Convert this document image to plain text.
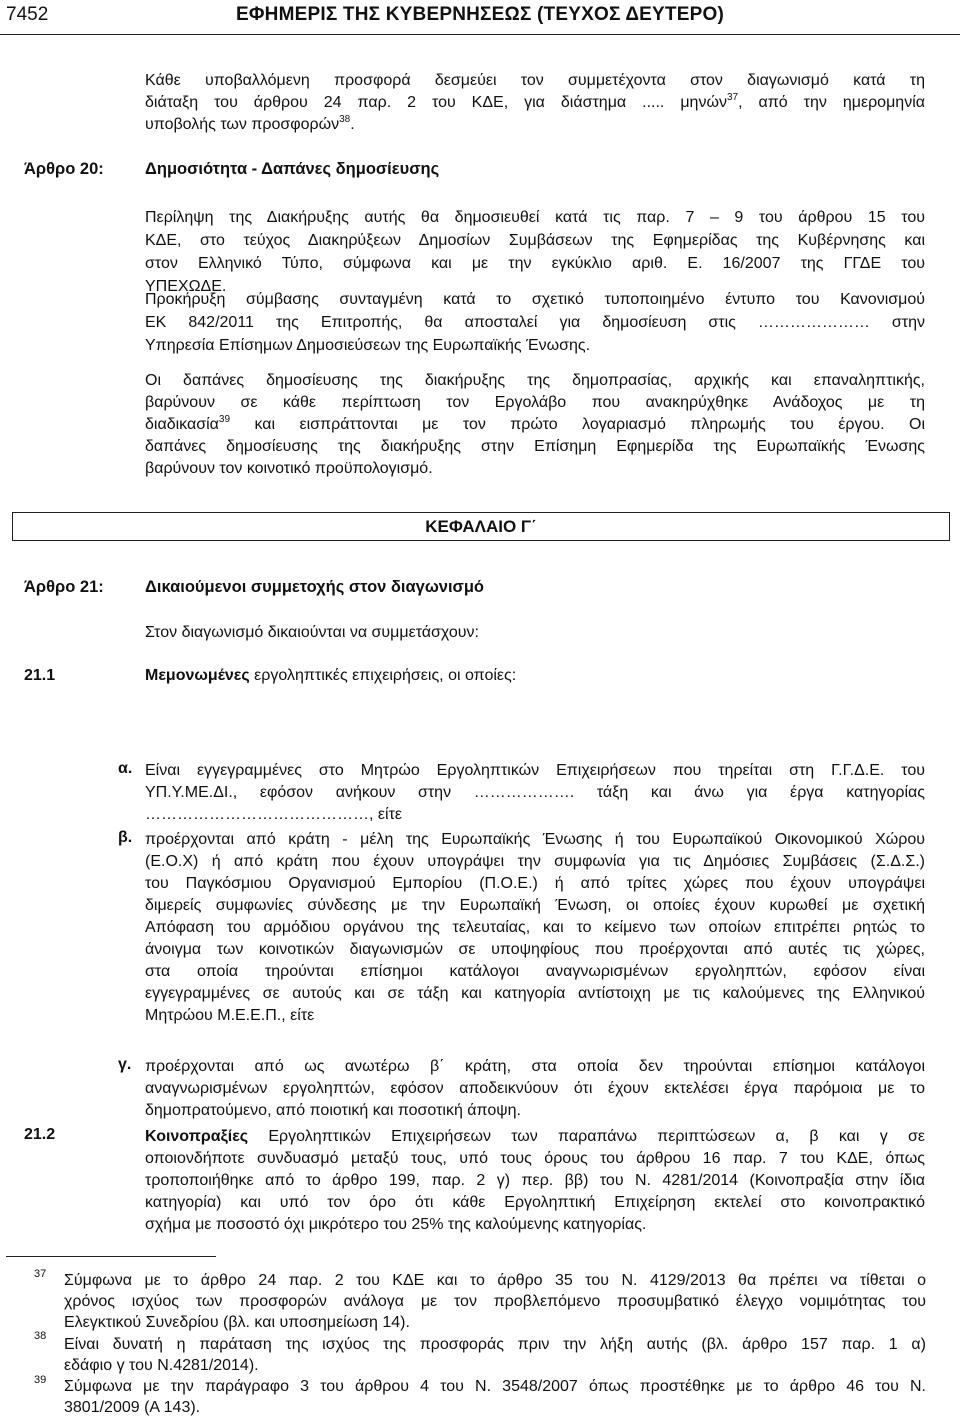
7452	ΕΦΗΜΕΡΙΣ ΤΗΣ ΚΥΒΕΡΝΗΣΕΩΣ (ΤΕΥΧΟΣ ΔΕΥΤΕΡΟ)
Κάθε υποβαλλόμενη προσφορά δεσμεύει τον συμμετέχοντα στον διαγωνισμό κατά τη
διάταξη του άρθρου 24 παρ. 2 του ΚΔΕ, για διάστημα ..... μηνών$^{37}$, από την ημερομηνία
υποβολής των προσφορών$^{38}$.
Άρθρο 20: Δημοσιότητα - Δαπάνες δημοσίευσης
Περίληψη της Διακήρυξης αυτής θα δημοσιευθεί κατά τις παρ. 7 – 9 του άρθρου 15 του
ΚΔΕ, στο τεύχος Διακηρύξεων Δημοσίων Συμβάσεων της Εφημερίδας της Κυβέρνησης και
στον Ελληνικό Τύπο, σύμφωνα και με την εγκύκλιο αριθ. Ε. 16/2007 της ΓΓΔΕ του
ΥΠΕΧΩΔΕ.
Προκήρυξη σύμβασης συνταγμένη κατά το σχετικό τυποποιημένο έντυπο του Κανονισμού
ΕΚ 842/2011 της Επιτροπής, θα αποσταλεί για δημοσίευση στις ………………… στην
Υπηρεσία Επίσημων Δημοσιεύσεων της Ευρωπαϊκής Ένωσης.
Οι δαπάνες δημοσίευσης της διακήρυξης της δημοπρασίας, αρχικής και επαναληπτικής,
βαρύνουν σε κάθε περίπτωση τον Εργολάβο που ανακηρύχθηκε Ανάδοχος με τη
διαδικασία$^{39}$ και εισπράττονται με τον πρώτο λογαριασμό πληρωμής του έργου. Οι
δαπάνες δημοσίευσης της διακήρυξης στην Επίσημη Εφημερίδα της Ευρωπαϊκής Ένωσης
βαρύνουν τον κοινοτικό προϋπολογισμό.
ΚΕΦΑΛΑΙΟ Γ΄
Άρθρο 21: Δικαιούμενοι συμμετοχής στον διαγωνισμό
Στον διαγωνισμό δικαιούνται να συμμετάσχουν:
21.1	Μεμονωμένες εργοληπτικές επιχειρήσεις, οι οποίες:
α. Είναι εγγεγραμμένες στο Μητρώο Εργοληπτικών Επιχειρήσεων που τηρείται στη Γ.Γ.Δ.Ε. του
ΥΠ.Υ.ΜΕ.ΔΙ., εφόσον ανήκουν στην ………………. τάξη και άνω για έργα κατηγορίας
……………………………………, είτε
β. προέρχονται από κράτη - μέλη της Ευρωπαϊκής Ένωσης ή του Ευρωπαϊκού Οικονομικού Χώρου
(Ε.Ο.Χ) ή από κράτη που έχουν υπογράψει την συμφωνία για τις Δημόσιες Συμβάσεις (Σ.Δ.Σ.)
του Παγκόσμιου Οργανισμού Εμπορίου (Π.Ο.Ε.) ή από τρίτες χώρες που έχουν υπογράψει
διμερείς συμφωνίες σύνδεσης με την Ευρωπαϊκή Ένωση, οι οποίες έχουν κυρωθεί με σχετική
Απόφαση του αρμόδιου οργάνου της τελευταίας, και το κείμενο των οποίων επιτρέπει ρητώς το
άνοιγμα των κοινοτικών διαγωνισμών σε υποψηφίους που προέρχονται από αυτές τις χώρες,
στα οποία τηρούνται επίσημοι κατάλογοι αναγνωρισμένων εργοληπτών, εφόσον είναι
εγγεγραμμένες σε αυτούς και σε τάξη και κατηγορία αντίστοιχη με τις καλούμενες της Ελληνικού
Μητρώου Μ.Ε.Ε.Π., είτε
γ. προέρχονται από ως ανωτέρω β΄ κράτη, στα οποία δεν τηρούνται επίσημοι κατάλογοι
αναγνωρισμένων εργοληπτών, εφόσον αποδεικνύουν ότι έχουν εκτελέσει έργα παρόμοια με το
δημοπρατούμενο, από ποιοτική και ποσοτική άποψη.
21.2	Κοινοπραξίες Εργοληπτικών Επιχειρήσεων των παραπάνω περιπτώσεων α, β και γ σε
οποιονδήποτε συνδυασμό μεταξύ τους, υπό τους όρους του άρθρου 16 παρ. 7 του ΚΔΕ, όπως
τροποποιήθηκε από το άρθρο 199, παρ. 2 γ) περ. ββ) του Ν. 4281/2014 (Κοινοπραξία στην ίδια
κατηγορία) και υπό τον όρο ότι κάθε Εργοληπτική Επιχείρηση εκτελεί στο κοινοπρακτικό
σχήμα με ποσοστό όχι μικρότερο του 25% της καλούμενης κατηγορίας.
37 Σύμφωνα με το άρθρο 24 παρ. 2 του ΚΔΕ και το άρθρο 35 του Ν. 4129/2013 θα πρέπει να τίθεται ο
χρόνος ισχύος των προσφορών ανάλογα με τον προβλεπόμενο προσυμβατικό έλεγχο νομιμότητας του
Ελεγκτικού Συνεδρίου (βλ. και υποσημείωση 14).
38 Είναι δυνατή η παράταση της ισχύος της προσφοράς πριν την λήξη αυτής (βλ. άρθρο 157 παρ. 1 α)
εδάφιο γ του Ν.4281/2014).
39 Σύμφωνα με την παράγραφο 3 του άρθρου 4 του Ν. 3548/2007 όπως προστέθηκε με το άρθρο 46 του Ν.
3801/2009 (Α 143).
